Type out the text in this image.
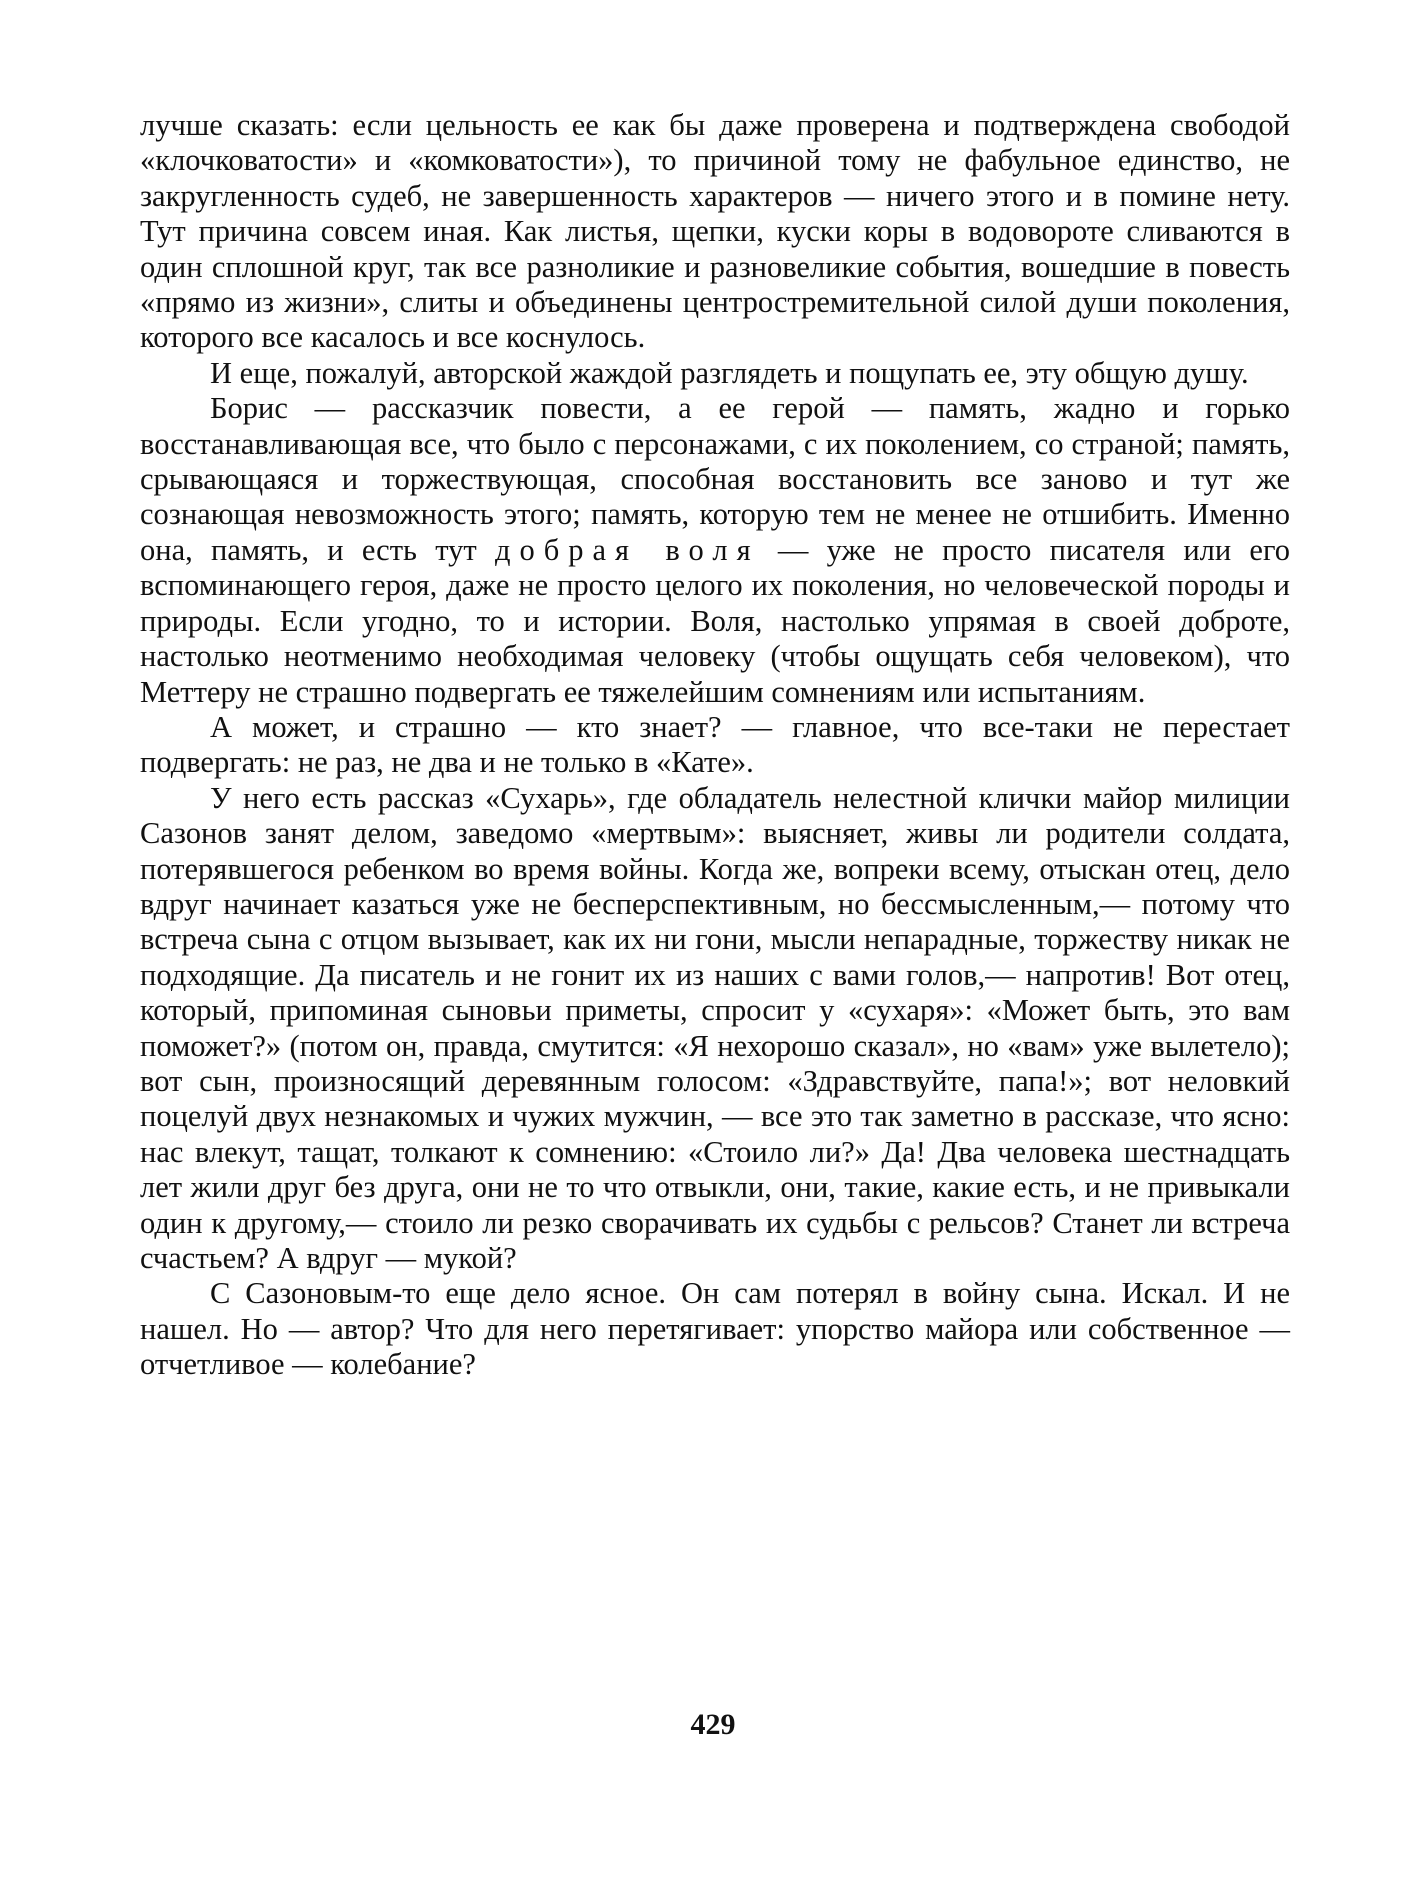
лучше сказать: если цельность ее как бы даже проверена и подтверждена свободой «клочковатости» и «комковатости»), то причиной тому не фабульное единство, не закругленность судеб, не завершенность характеров — ничего этого и в помине нету. Тут причина совсем иная. Как листья, щепки, куски коры в водовороте сливаются в один сплошной круг, так все разноликие и разновеликие события, вошедшие в повесть «прямо из жизни», слиты и объединены центростремительной силой души поколения, которого все касалось и все коснулось.

И еще, пожалуй, авторской жаждой разглядеть и пощупать ее, эту общую душу.

Борис — рассказчик повести, а ее герой — память, жадно и горько восстанавливающая все, что было с персонажами, с их поколением, со страной; память, срывающаяся и торжествующая, способная восстановить все заново и тут же сознающая невозможность этого; память, которую тем не менее не отшибить. Именно она, память, и есть тут добрая воля — уже не просто писателя или его вспоминающего героя, даже не просто целого их поколения, но человеческой породы и природы. Если угодно, то и истории. Воля, настолько упрямая в своей доброте, настолько неотменимо необходимая человеку (чтобы ощущать себя человеком), что Меттеру не страшно подвергать ее тяжелейшим сомнениям или испытаниям.

А может, и страшно — кто знает? — главное, что все-таки не перестает подвергать: не раз, не два и не только в «Кате».

У него есть рассказ «Сухарь», где обладатель нелестной клички майор милиции Сазонов занят делом, заведомо «мертвым»: выясняет, живы ли родители солдата, потерявшегося ребенком во время войны. Когда же, вопреки всему, отыскан отец, дело вдруг начинает казаться уже не бесперспективным, но бессмысленным,— потому что встреча сына с отцом вызывает, как их ни гони, мысли непарадные, торжеству никак не подходящие. Да писатель и не гонит их из наших с вами голов,— напротив! Вот отец, который, припоминая сыновьи приметы, спросит у «сухаря»: «Может быть, это вам поможет?» (потом он, правда, смутится: «Я нехорошо сказал», но «вам» уже вылетело); вот сын, произносящий деревянным голосом: «Здравствуйте, папа!»; вот неловкий поцелуй двух незнакомых и чужих мужчин, — все это так заметно в рассказе, что ясно: нас влекут, тащат, толкают к сомнению: «Стоило ли?» Да! Два человека шестнадцать лет жили друг без друга, они не то что отвыкли, они, такие, какие есть, и не привыкали один к другому,— стоило ли резко сворачивать их судьбы с рельсов? Станет ли встреча счастьем? А вдруг — мукой?

С Сазоновым-то еще дело ясное. Он сам потерял в войну сына. Искал. И не нашел. Но — автор? Что для него перетягивает: упорство майора или собственное — отчетливое — колебание?

429
